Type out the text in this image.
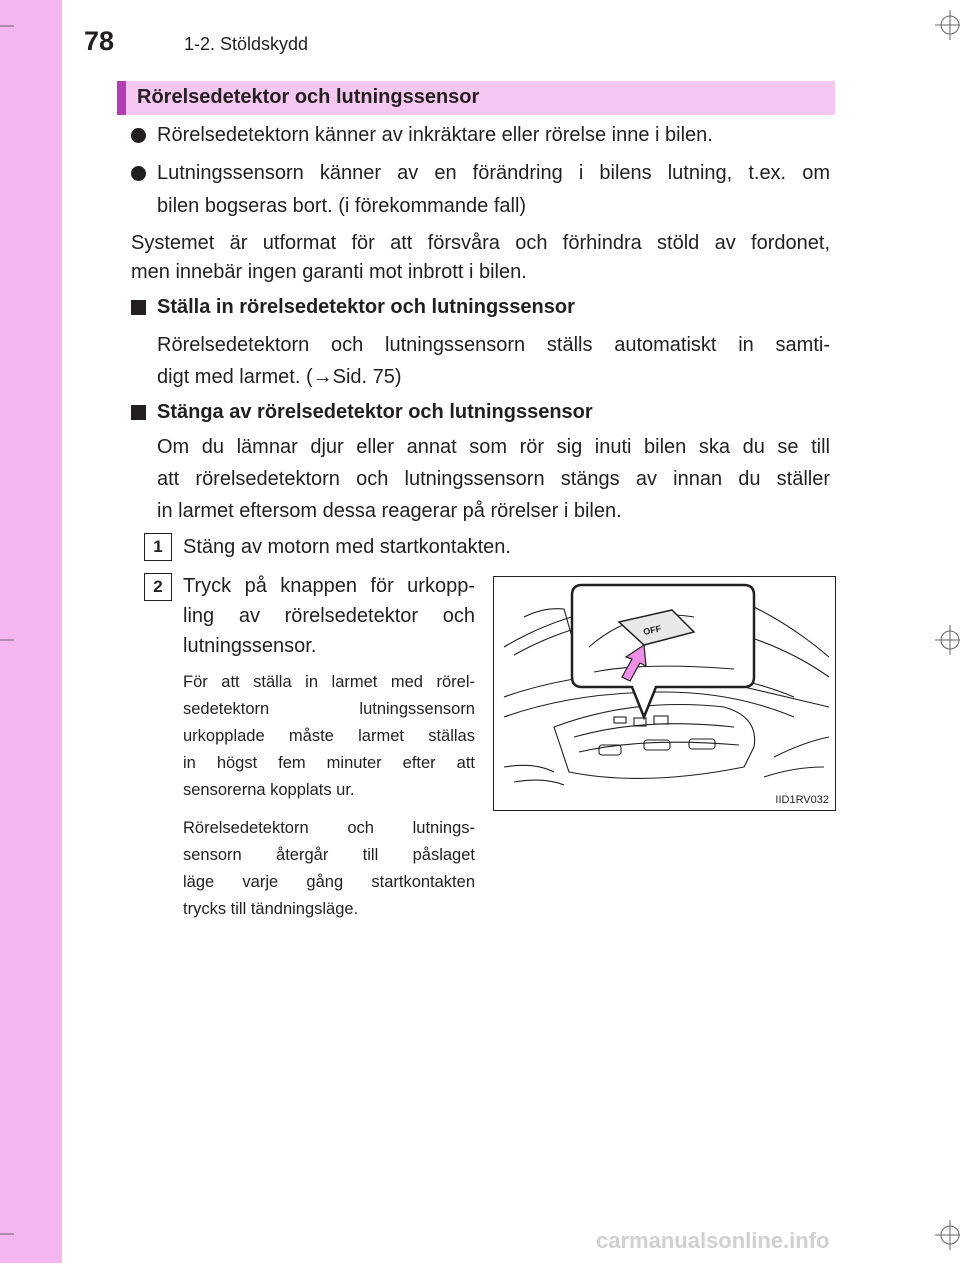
78	1-2. Stöldskydd
Rörelsedetektor och lutningssensor
Rörelsedetektorn känner av inkräktare eller rörelse inne i bilen.
Lutningssensorn känner av en förändring i bilens lutning, t.ex. om
bilen bogseras bort. (i förekommande fall)
Systemet är utformat för att försvåra och förhindra stöld av fordonet,
men innebär ingen garanti mot inbrott i bilen.
Ställa in rörelsedetektor och lutningssensor
Rörelsedetektorn och lutningssensorn ställs automatiskt in samti-
digt med larmet. (→Sid. 75)
Stänga av rörelsedetektor och lutningssensor
Om du lämnar djur eller annat som rör sig inuti bilen ska du se till
att rörelsedetektorn och lutningssensorn stängs av innan du ställer
in larmet eftersom dessa reagerar på rörelser i bilen.
1	Stäng av motorn med startkontakten.
2	Tryck på knappen för urkopp-
ling av rörelsedetektor och
lutningssensor.
För att ställa in larmet med rörel-
sedetektorn lutningssensorn
urkopplade måste larmet ställas
in högst fem minuter efter att
sensorerna kopplats ur.
Rörelsedetektorn och lutnings-
sensorn återgår till påslaget
läge varje gång startkontakten
trycks till tändningsläge.
OFF
IID1RV032
carmanualsonline.info
